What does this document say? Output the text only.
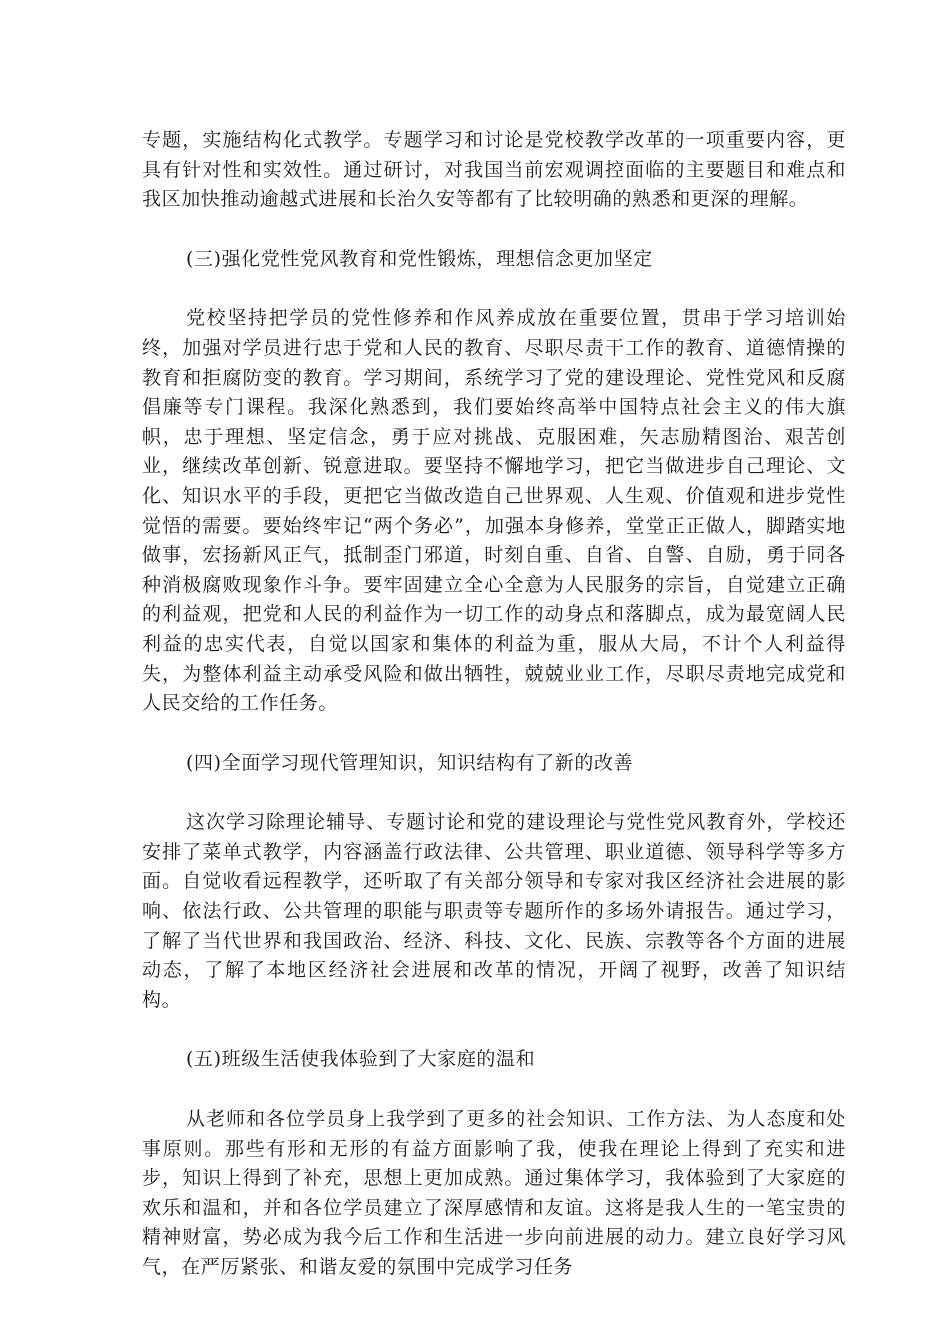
专题，实施结构化式教学。专题学习和讨论是党校教学改革的一项重要内容，更具有针对性和实效性。通过研讨，对我国当前宏观调控面临的主要题目和难点和我区加快推动逾越式进展和长治久安等都有了比较明确的熟悉和更深的理解。

(三)强化党性党风教育和党性锻炼，理想信念更加坚定

党校坚持把学员的党性修养和作风养成放在重要位置，贯串于学习培训始终，加强对学员进行忠于党和人民的教育、尽职尽责干工作的教育、道德情操的教育和拒腐防变的教育。学习期间，系统学习了党的建设理论、党性党风和反腐倡廉等专门课程。我深化熟悉到，我们要始终高举中国特点社会主义的伟大旗帜，忠于理想、坚定信念，勇于应对挑战、克服困难，矢志励精图治、艰苦创业，继续改革创新、锐意进取。要坚持不懈地学习，把它当做进步自己理论、文化、知识水平的手段，更把它当做改造自己世界观、人生观、价值观和进步党性觉悟的需要。要始终牢记“两个务必”，加强本身修养，堂堂正正做人，脚踏实地做事，宏扬新风正气，抵制歪门邪道，时刻自重、自省、自警、自励，勇于同各种消极腐败现象作斗争。要牢固建立全心全意为人民服务的宗旨，自觉建立正确的利益观，把党和人民的利益作为一切工作的动身点和落脚点，成为最宽阔人民利益的忠实代表，自觉以国家和集体的利益为重，服从大局，不计个人利益得失，为整体利益主动承受风险和做出牺牲，兢兢业业工作，尽职尽责地完成党和人民交给的工作任务。

(四)全面学习现代管理知识，知识结构有了新的改善

这次学习除理论辅导、专题讨论和党的建设理论与党性党风教育外，学校还安排了菜单式教学，内容涵盖行政法律、公共管理、职业道德、领导科学等多方面。自觉收看远程教学，还听取了有关部分领导和专家对我区经济社会进展的影响、依法行政、公共管理的职能与职责等专题所作的多场外请报告。通过学习，了解了当代世界和我国政治、经济、科技、文化、民族、宗教等各个方面的进展动态，了解了本地区经济社会进展和改革的情况，开阔了视野，改善了知识结构。

(五)班级生活使我体验到了大家庭的温和

从老师和各位学员身上我学到了更多的社会知识、工作方法、为人态度和处事原则。那些有形和无形的有益方面影响了我，使我在理论上得到了充实和进步，知识上得到了补充，思想上更加成熟。通过集体学习，我体验到了大家庭的欢乐和温和，并和各位学员建立了深厚感情和友谊。这将是我人生的一笔宝贵的精神财富，势必成为我今后工作和生活进一步向前进展的动力。建立良好学习风气，在严厉紧张、和谐友爱的氛围中完成学习任务
